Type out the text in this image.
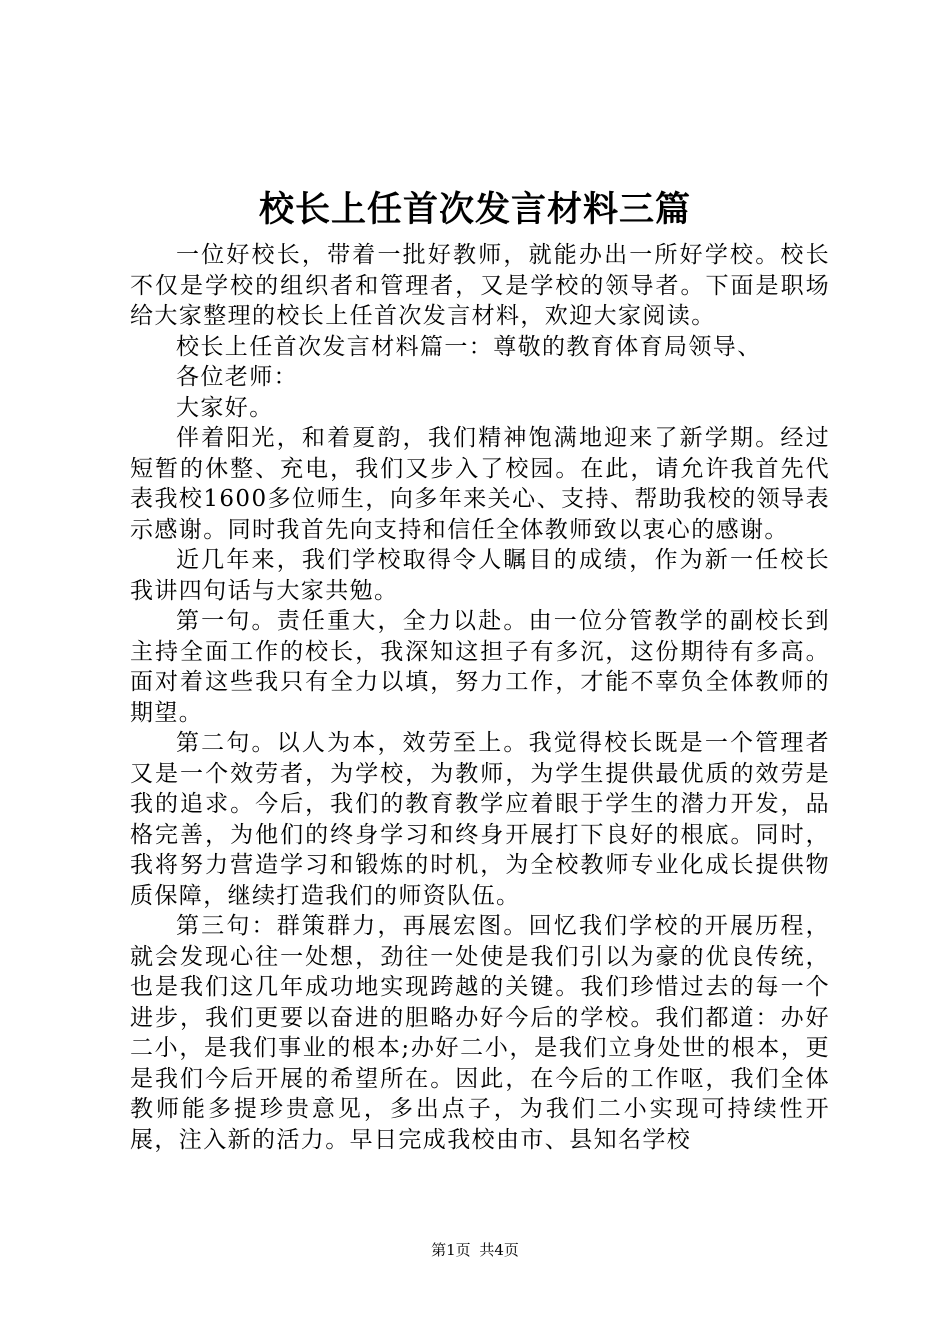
校长上任首次发言材料三篇

一位好校长，带着一批好教师，就能办出一所好学校。校长不仅是学校的组织者和管理者，又是学校的领导者。下面是职场给大家整理的校长上任首次发言材料，欢迎大家阅读。

校长上任首次发言材料篇一：尊敬的教育体育局领导、

各位老师：

大家好。

伴着阳光，和着夏韵，我们精神饱满地迎来了新学期。经过短暂的休整、充电，我们又步入了校园。在此，请允许我首先代表我校1600多位师生，向多年来关心、支持、帮助我校的领导表示感谢。同时我首先向支持和信任全体教师致以衷心的感谢。

近几年来，我们学校取得令人瞩目的成绩，作为新一任校长我讲四句话与大家共勉。

第一句。责任重大，全力以赴。由一位分管教学的副校长到主持全面工作的校长，我深知这担子有多沉，这份期待有多高。面对着这些我只有全力以填，努力工作，才能不辜负全体教师的期望。

第二句。以人为本，效劳至上。我觉得校长既是一个管理者又是一个效劳者，为学校，为教师，为学生提供最优质的效劳是我的追求。今后，我们的教育教学应着眼于学生的潜力开发，品格完善，为他们的终身学习和终身开展打下良好的根底。同时，我将努力营造学习和锻炼的时机，为全校教师专业化成长提供物质保障，继续打造我们的师资队伍。

第三句：群策群力，再展宏图。回忆我们学校的开展历程，就会发现心往一处想，劲往一处使是我们引以为豪的优良传统，也是我们这几年成功地实现跨越的关键。我们珍惜过去的每一个进步，我们更要以奋进的胆略办好今后的学校。我们都道：办好二小，是我们事业的根本;办好二小，是我们立身处世的根本，更是我们今后开展的希望所在。因此，在今后的工作呕，我们全体教师能多提珍贵意见，多出点子，为我们二小实现可持续性开展，注入新的活力。早日完成我校由市、县知名学校

第1页 共4页
